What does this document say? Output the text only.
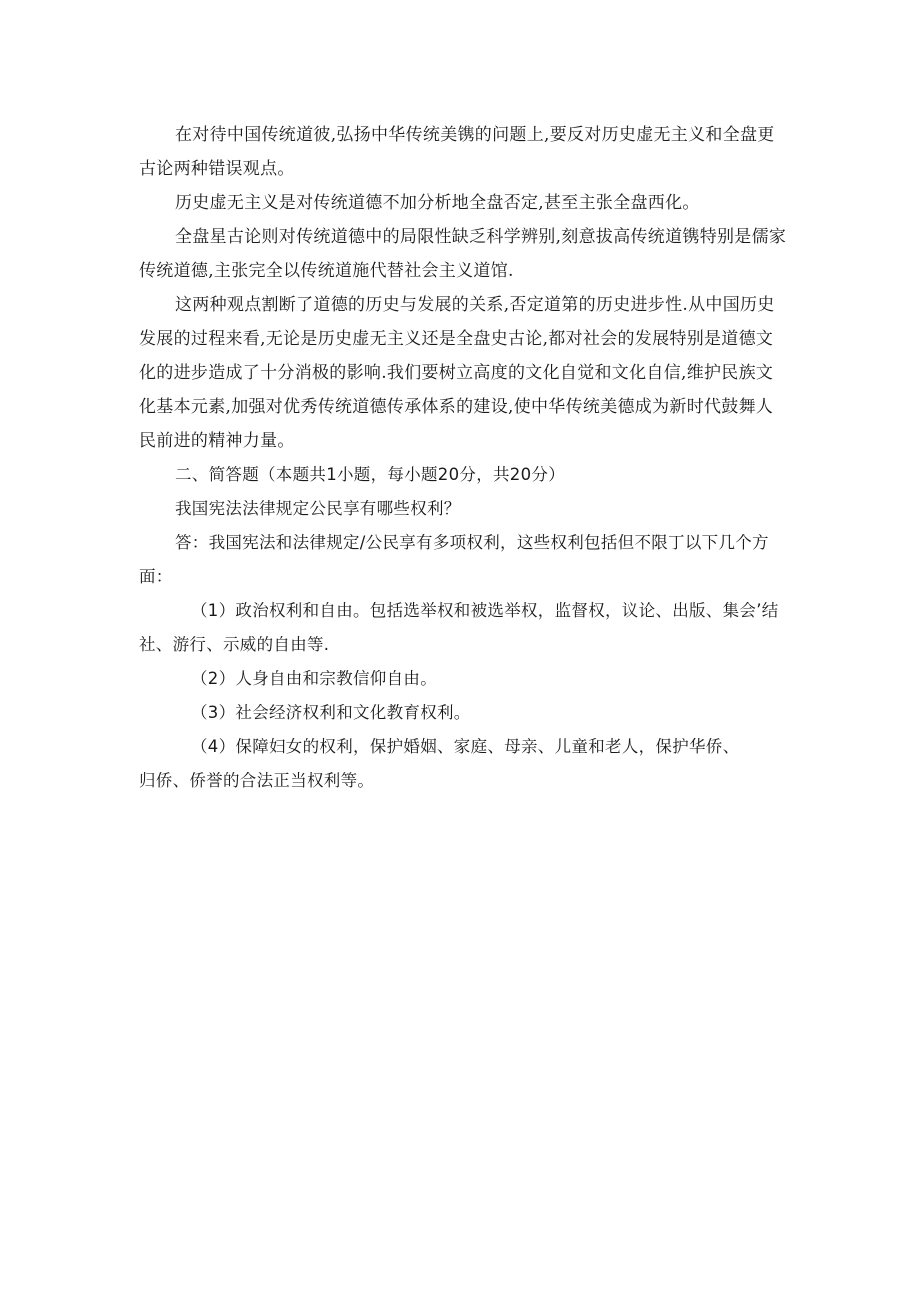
在对待中国传统道彼,弘扬中华传统美镌的问题上,要反对历史虚无主义和全盘更
古论两种错误观点。

历史虚无主义是对传统道德不加分析地全盘否定,甚至主张全盘西化。

全盘星古论则对传统道德中的局限性缺乏科学辨别,刻意拔高传统道镌特别是儒家
传统道德,主张完全以传统道施代替社会主义道馆.

这两种观点割断了道德的历史与发展的关系,否定道第的历史进步性.从中国历史
发展的过程来看,无论是历史虚无主义还是全盘史古论,都对社会的发展特别是道德文
化的进步造成了十分消极的影响.我们要树立高度的文化自觉和文化自信,维护民族文
化基本元素,加强对优秀传统道德传承体系的建设,使中华传统美德成为新时代鼓舞人
民前进的精神力量。

二、简答题（本题共1小题，每小题20分，共20分）

我国宪法法律规定公民享有哪些权利？

答：我国宪法和法律规定/公民享有多项权利，这些权利包括但不限丁以下几个方
面：

（1）政治权利和自由。包括选举权和被选举权，监督权，议论、出版、集会’结
社、游行、示威的自由等.

（2）人身自由和宗教信仰自由。

（3）社会经济权利和文化教育权利。

（4）保障妇女的权利，保护婚姻、家庭、母亲、儿童和老人，保护华侨、
归侨、侨誉的合法正当权利等。
